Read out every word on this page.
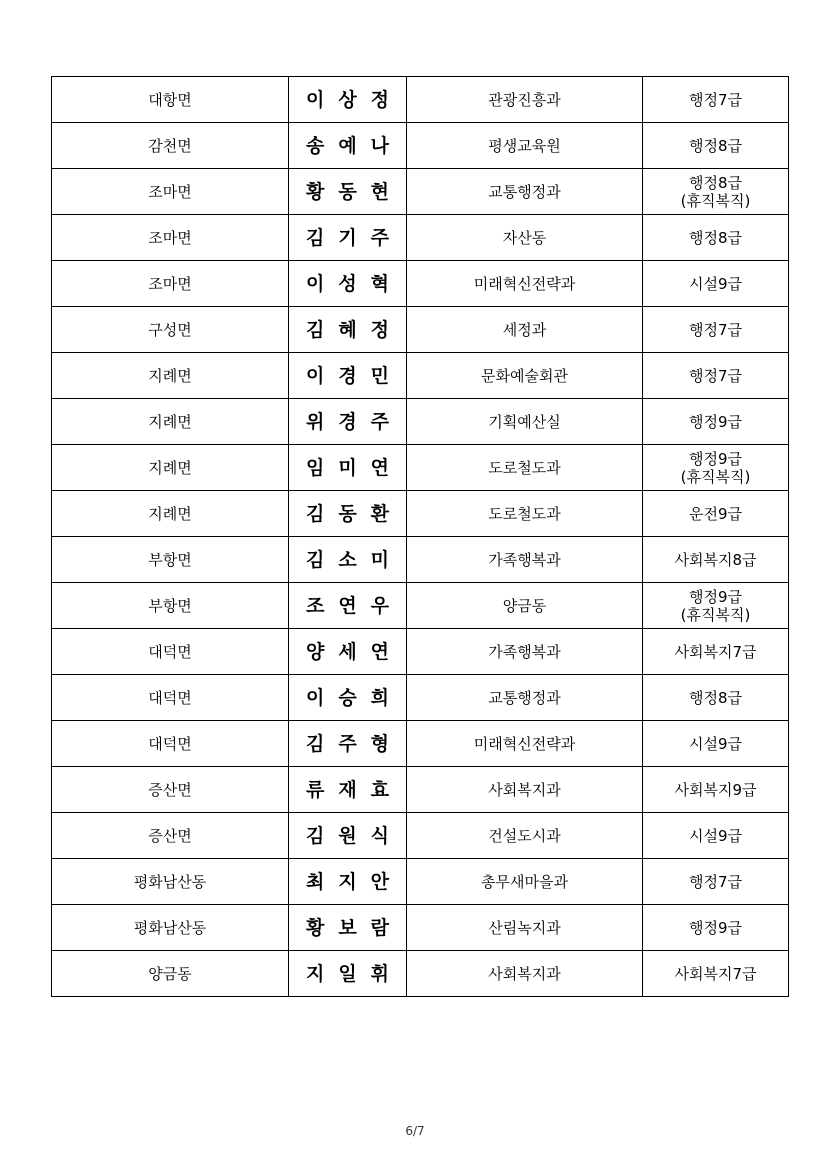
대항면	이상정	관광진흥과	행정7급

감천면	송예나	평생교육원	행정8급

조마면	황동현	교통행정과	행정8급
(휴직복직)

조마면	김기주	자산동	행정8급

조마면	이성혁	미래혁신전략과	시설9급

구성면	김혜정	세정과	행정7급

지례면	이경민	문화예술회관	행정7급

지례면	위경주	기획예산실	행정9급

지례면	임미연	도로철도과	행정9급
(휴직복직)

지례면	김동환	도로철도과	운전9급

부항면	김소미	가족행복과	사회복지8급

부항면	조연우	양금동	행정9급
(휴직복직)

대덕면	양세연	가족행복과	사회복지7급

대덕면	이승희	교통행정과	행정8급

대덕면	김주형	미래혁신전략과	시설9급

증산면	류재효	사회복지과	사회복지9급

증산면	김원식	건설도시과	시설9급

평화남산동	최지안	총무새마을과	행정7급

평화남산동	황보람	산림녹지과	행정9급

양금동	지일휘	사회복지과	사회복지7급
6/7
